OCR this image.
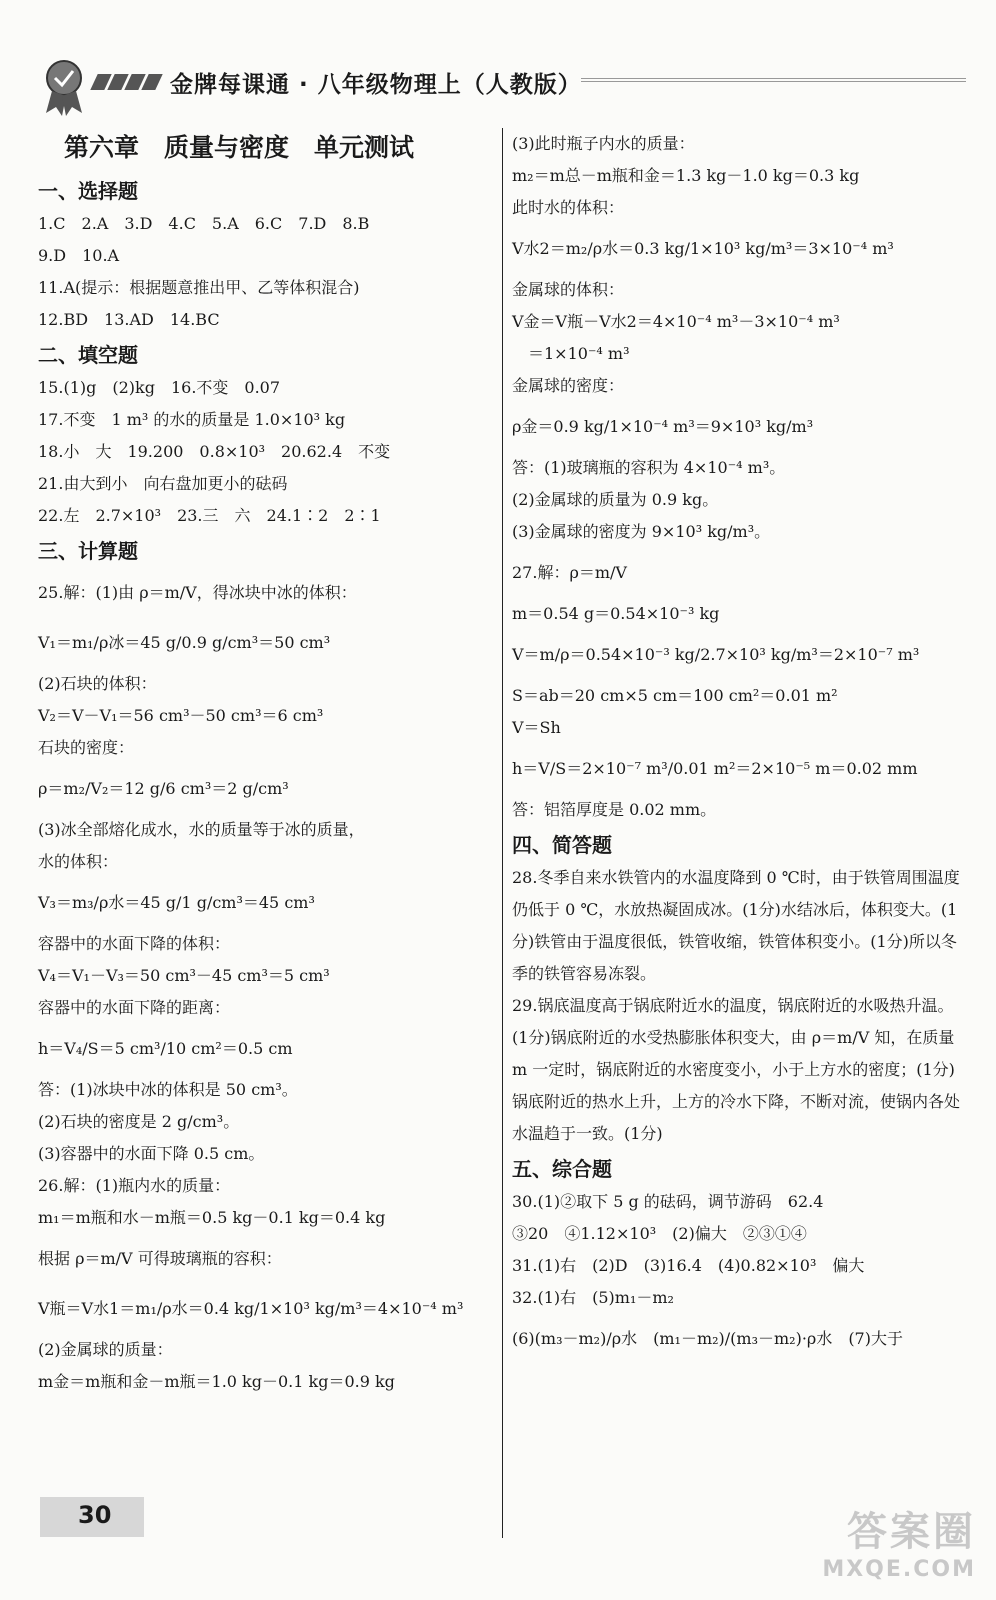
金牌每课通 · 八年级物理上（人教版）
第六章　质量与密度　单元测试
一、选择题
1.C　2.A　3.D　4.C　5.A　6.C　7.D　8.B
9.D　10.A
11.A(提示：根据题意推出甲、乙等体积混合)
12.BD　13.AD　14.BC
二、填空题
15.(1)g　(2)kg　16.不变　0.07
17.不变　1 m³ 的水的质量是 1.0×10³ kg
18.小　大　19.200　0.8×10³　20.62.4　不变
21.由大到小　向右盘加更小的砝码
22.左　2.7×10³　23.三　六　24.1∶2　2∶1
三、计算题
25.解：(1)由 ρ＝m/V，得冰块中冰的体积：
V₁＝m₁/ρ冰＝45 g/0.9 g/cm³＝50 cm³
(2)石块的体积：
V₂＝V－V₁＝56 cm³－50 cm³＝6 cm³
石块的密度：
ρ＝m₂/V₂＝12 g/6 cm³＝2 g/cm³
(3)冰全部熔化成水，水的质量等于冰的质量，
水的体积：
V₃＝m₃/ρ水＝45 g/1 g/cm³＝45 cm³
容器中的水面下降的体积：
V₄＝V₁－V₃＝50 cm³－45 cm³＝5 cm³
容器中的水面下降的距离：
h＝V₄/S＝5 cm³/10 cm²＝0.5 cm
答：(1)冰块中冰的体积是 50 cm³。
(2)石块的密度是 2 g/cm³。
(3)容器中的水面下降 0.5 cm。
26.解：(1)瓶内水的质量：
m₁＝m瓶和水－m瓶＝0.5 kg－0.1 kg＝0.4 kg
根据 ρ＝m/V 可得玻璃瓶的容积：
V瓶＝V水1＝m₁/ρ水＝0.4 kg/1×10³ kg/m³＝4×10⁻⁴ m³
(2)金属球的质量：
m金＝m瓶和金－m瓶＝1.0 kg－0.1 kg＝0.9 kg
(3)此时瓶子内水的质量：
m₂＝m总－m瓶和金＝1.3 kg－1.0 kg＝0.3 kg
此时水的体积：
V水2＝m₂/ρ水＝0.3 kg/1×10³ kg/m³＝3×10⁻⁴ m³
金属球的体积：
V金＝V瓶－V水2＝4×10⁻⁴ m³－3×10⁻⁴ m³
　＝1×10⁻⁴ m³
金属球的密度：
ρ金＝0.9 kg/1×10⁻⁴ m³＝9×10³ kg/m³
答：(1)玻璃瓶的容积为 4×10⁻⁴ m³。
(2)金属球的质量为 0.9 kg。
(3)金属球的密度为 9×10³ kg/m³。
27.解：ρ＝m/V
m＝0.54 g＝0.54×10⁻³ kg
V＝m/ρ＝0.54×10⁻³ kg/2.7×10³ kg/m³＝2×10⁻⁷ m³
S＝ab＝20 cm×5 cm＝100 cm²＝0.01 m²
V＝Sh
h＝V/S＝2×10⁻⁷ m³/0.01 m²＝2×10⁻⁵ m＝0.02 mm
答：铝箔厚度是 0.02 mm。
四、简答题
28.冬季自来水铁管内的水温度降到 0 ℃时，由于铁管周围温度仍低于 0 ℃，水放热凝固成冰。(1分)水结冰后，体积变大。(1分)铁管由于温度很低，铁管收缩，铁管体积变小。(1分)所以冬季的铁管容易冻裂。
29.锅底温度高于锅底附近水的温度，锅底附近的水吸热升温。(1分)锅底附近的水受热膨胀体积变大，由 ρ＝m/V 知，在质量 m 一定时，锅底附近的水密度变小，小于上方水的密度；(1分)锅底附近的热水上升，上方的冷水下降，不断对流，使锅内各处水温趋于一致。(1分)
五、综合题
30.(1)②取下 5 g 的砝码，调节游码　62.4
③20　④1.12×10³　(2)偏大　②③①④
31.(1)右　(2)D　(3)16.4　(4)0.82×10³　偏大
32.(1)右　(5)m₁－m₂
(6)(m₃－m₂)/ρ水　(m₁－m₂)/(m₃－m₂)·ρ水　(7)大于
30	答案圈
MXQE.COM
